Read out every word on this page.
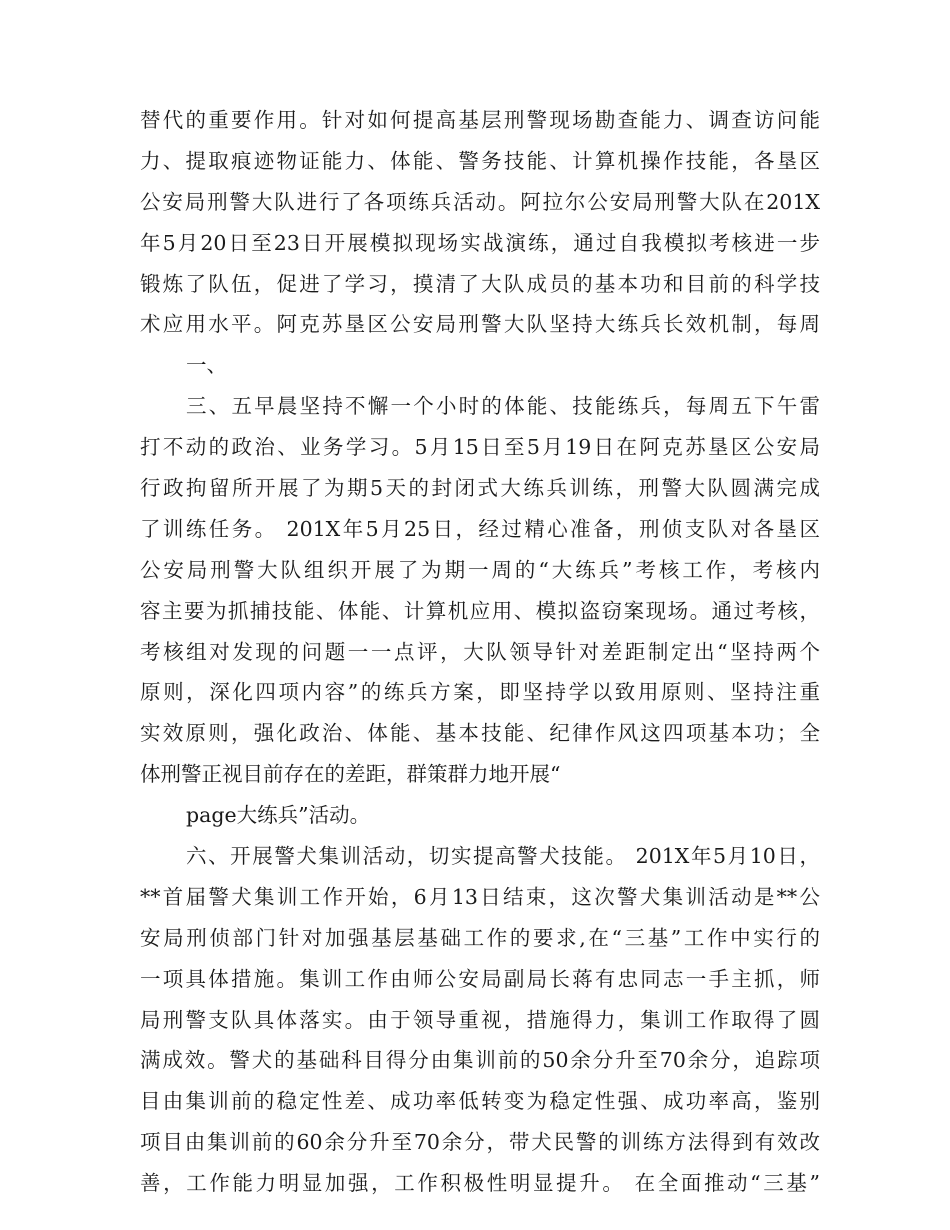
替代的重要作用。针对如何提高基层刑警现场勘查能力、调查访问能
力、提取痕迹物证能力、体能、警务技能、计算机操作技能，各垦区
公安局刑警大队进行了各项练兵活动。阿拉尔公安局刑警大队在201X
年5月20日至23日开展模拟现场实战演练，通过自我模拟考核进一步
锻炼了队伍，促进了学习，摸清了大队成员的基本功和目前的科学技
术应用水平。阿克苏垦区公安局刑警大队坚持大练兵长效机制，每周
一、
三、五早晨坚持不懈一个小时的体能、技能练兵，每周五下午雷
打不动的政治、业务学习。5月15日至5月19日在阿克苏垦区公安局
行政拘留所开展了为期5天的封闭式大练兵训练，刑警大队圆满完成
了训练任务。 201X年5月25日，经过精心准备，刑侦支队对各垦区
公安局刑警大队组织开展了为期一周的“大练兵”考核工作，考核内
容主要为抓捕技能、体能、计算机应用、模拟盗窃案现场。通过考核，
考核组对发现的问题一一点评，大队领导针对差距制定出“坚持两个
原则，深化四项内容”的练兵方案，即坚持学以致用原则、坚持注重
实效原则，强化政治、体能、基本技能、纪律作风这四项基本功；全
体刑警正视目前存在的差距，群策群力地开展“
page大练兵”活动。
六、开展警犬集训活动，切实提高警犬技能。 201X年5月10日，
**首届警犬集训工作开始，6月13日结束，这次警犬集训活动是**公
安局刑侦部门针对加强基层基础工作的要求,在“三基”工作中实行的
一项具体措施。集训工作由师公安局副局长蒋有忠同志一手主抓，师
局刑警支队具体落实。由于领导重视，措施得力，集训工作取得了圆
满成效。警犬的基础科目得分由集训前的50余分升至70余分，追踪项
目由集训前的稳定性差、成功率低转变为稳定性强、成功率高，鉴别
项目由集训前的60余分升至70余分，带犬民警的训练方法得到有效改
善，工作能力明显加强，工作积极性明显提升。 在全面推动“三基”
